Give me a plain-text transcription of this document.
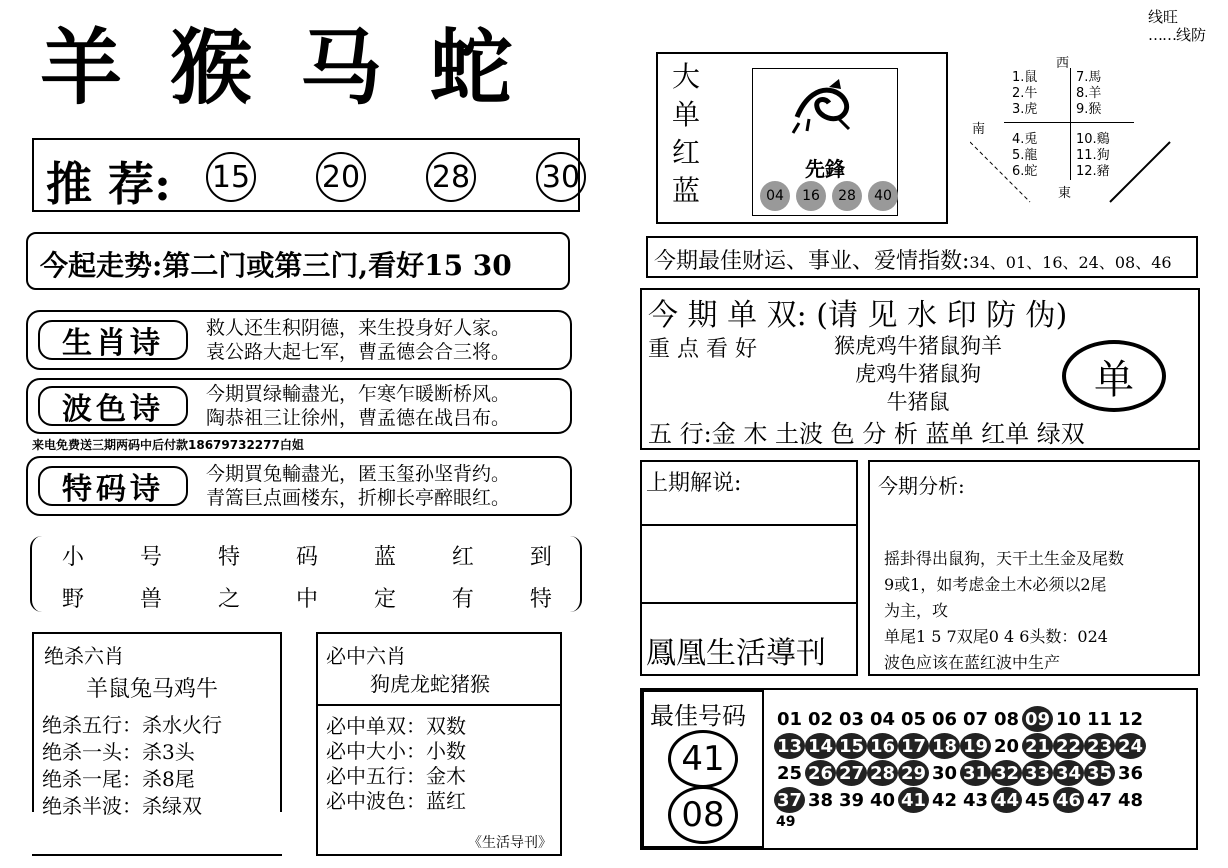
羊猴马蛇
线旺
……线防
推 荐: 15 20 28 30
今起走势:第二门或第三门,看好15 30
生肖诗 救人还生积阴德，来生投身好人家。
袁公路大起七军，曹孟德会合三将。
波色诗 今期買绿輸盡光，乍寒乍暖断桥风。
陶恭祖三让徐州，曹孟德在战吕布。
来电免费送三期两码中后付款18679732277白姐
特码诗 今期買兔輸盡光，匿玉玺孙坚背约。
青篙巨点画楼东，折柳长亭醉眼红。
小	号	特	码	蓝	红	到
野	兽	之	中	定	有	特
绝杀六肖
羊鼠兔马鸡牛
绝杀五行：杀水火行
绝杀一头：杀3头
绝杀一尾：杀8尾
绝杀半波：杀绿双
必中六肖
狗虎龙蛇猪猴
必中单双：双数
必中大小：小数
必中五行：金木
必中波色：蓝红
《生活导刊》
大
单
红
蓝
先鋒
04	16	28	40
西
南
東
1.鼠
2.牛
3.虎
4.兎
5.龍
6.蛇
7.馬
8.羊
9.猴
10.鷄
11.狗
12.豬
今期最佳财运、事业、爱情指数:34、01、16、24、08、46
今 期 单 双: (请 见 水 印 防 伪)
重 点 看 好	猴虎鸡牛猪鼠狗羊
虎鸡牛猪鼠狗
牛猪鼠	单
五 行:金 木 土波 色 分 析 蓝单 红单 绿双
上期解说:
鳳凰生活導刊
今期分析:
摇卦得出鼠狗，天干土生金及尾数
9或1，如考虑金土木必须以2尾
为主，攻
单尾1 5 7双尾0 4 6头数：024
波色应该在蓝红波中生产
最佳号码
41
08
01 02 03 04 05 06 07 08 09 10 11 12
13 14 15 16 17 18 19 20 21 22 23 24
25 26 27 28 29 30 31 32 33 34 35 36
37 38 39 40 41 42 43 44 45 46 47 48
49
